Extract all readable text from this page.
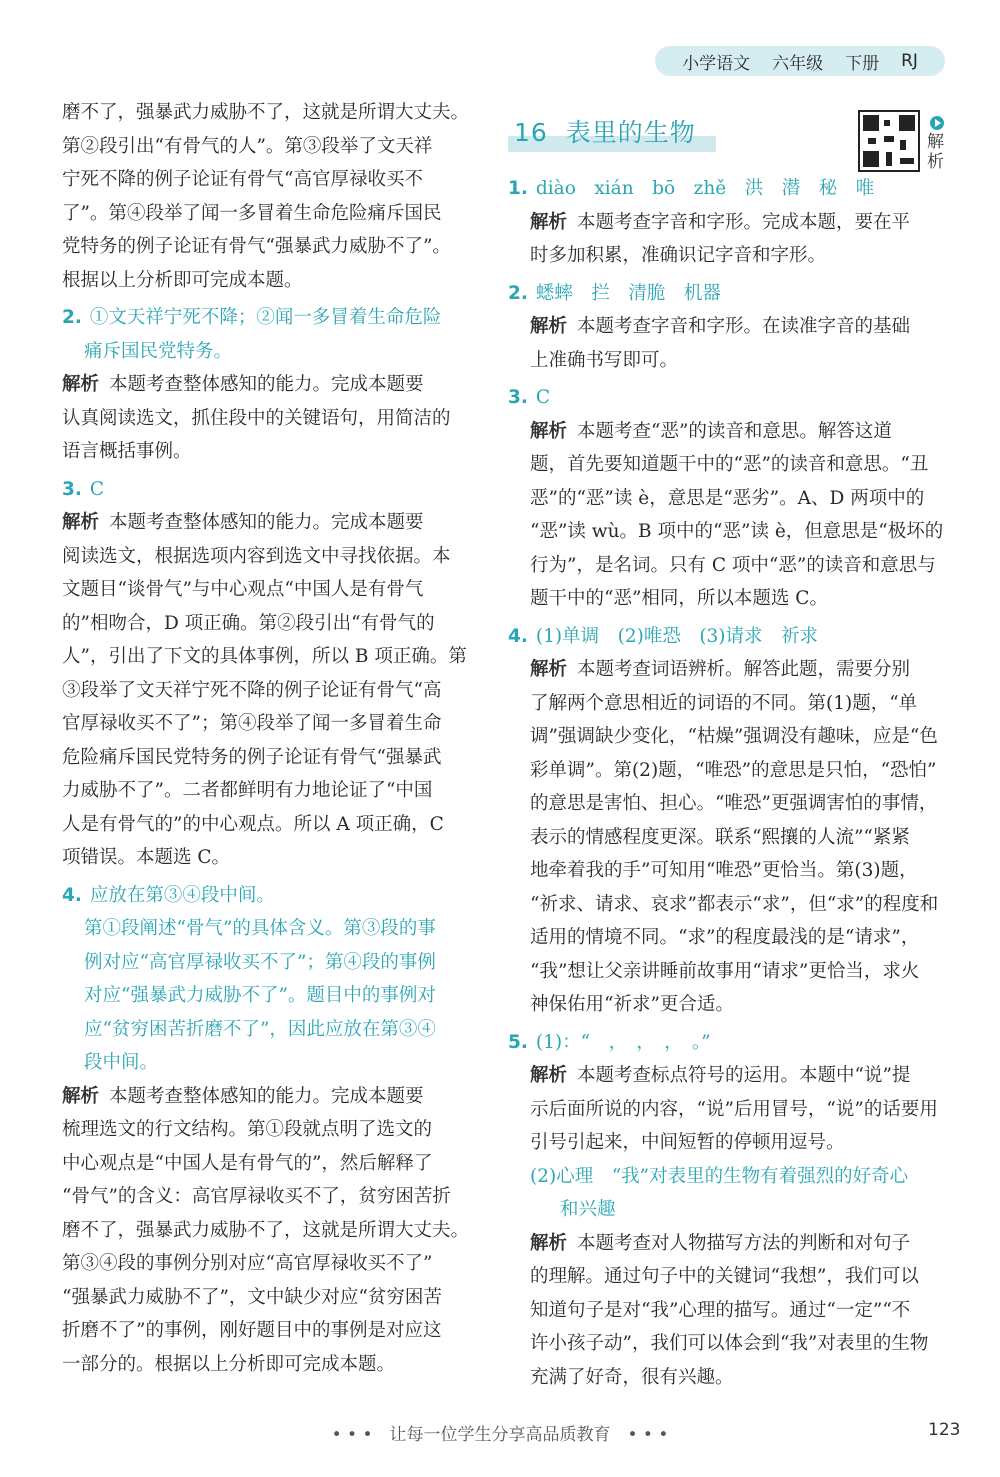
小学语文 六年级 下册 RJ
磨不了，强暴武力威胁不了，这就是所谓大丈夫。
第②段引出“有骨气的人”。第③段举了文天祥
宁死不降的例子论证有骨气“高官厚禄收买不
了”。第④段举了闻一多冒着生命危险痛斥国民
党特务的例子论证有骨气“强暴武力威胁不了”。
根据以上分析即可完成本题。
2. ①文天祥宁死不降；②闻一多冒着生命危险
痛斥国民党特务。
解析 本题考查整体感知的能力。完成本题要
认真阅读选文，抓住段中的关键语句，用简洁的
语言概括事例。
3. C
解析 本题考查整体感知的能力。完成本题要
阅读选文，根据选项内容到选文中寻找依据。本
文题目“谈骨气”与中心观点“中国人是有骨气
的”相吻合，D 项正确。第②段引出“有骨气的
人”，引出了下文的具体事例，所以 B 项正确。第
③段举了文天祥宁死不降的例子论证有骨气“高
官厚禄收买不了”；第④段举了闻一多冒着生命
危险痛斥国民党特务的例子论证有骨气“强暴武
力威胁不了”。二者都鲜明有力地论证了“中国
人是有骨气的”的中心观点。所以 A 项正确，C
项错误。本题选 C。
4. 应放在第③④段中间。
第①段阐述“骨气”的具体含义。第③段的事
例对应“高官厚禄收买不了”；第④段的事例
对应“强暴武力威胁不了”。题目中的事例对
应“贫穷困苦折磨不了”，因此应放在第③④
段中间。
解析 本题考查整体感知的能力。完成本题要
梳理选文的行文结构。第①段就点明了选文的
中心观点是“中国人是有骨气的”，然后解释了
“骨气”的含义：高官厚禄收买不了，贫穷困苦折
磨不了，强暴武力威胁不了，这就是所谓大丈夫。
第③④段的事例分别对应“高官厚禄收买不了”
“强暴武力威胁不了”，文中缺少对应“贫穷困苦
折磨不了”的事例，刚好题目中的事例是对应这
一部分的。根据以上分析即可完成本题。
16 表里的生物	解析
1. diào　xián　bō　zhě　洪　潜　秘　唯
解析 本题考查字音和字形。完成本题，要在平
时多加积累，准确识记字音和字形。
2. 蟋蟀　拦　清脆　机器
解析 本题考查字音和字形。在读准字音的基础
上准确书写即可。
3. C
解析 本题考查“恶”的读音和意思。解答这道
题，首先要知道题干中的“恶”的读音和意思。“丑
恶”的“恶”读 è，意思是“恶劣”。A、D 两项中的
“恶”读 wù。B 项中的“恶”读 è，但意思是“极坏的
行为”，是名词。只有 C 项中“恶”的读音和意思与
题干中的“恶”相同，所以本题选 C。
4. (1)单调　(2)唯恐　(3)请求　祈求
解析 本题考查词语辨析。解答此题，需要分别
了解两个意思相近的词语的不同。第(1)题，“单
调”强调缺少变化，“枯燥”强调没有趣味，应是“色
彩单调”。第(2)题，“唯恐”的意思是只怕，“恐怕”
的意思是害怕、担心。“唯恐”更强调害怕的事情，
表示的情感程度更深。联系“熙攘的人流”“紧紧
地牵着我的手”可知用“唯恐”更恰当。第(3)题，
“祈求、请求、哀求”都表示“求”，但“求”的程度和
适用的情境不同。“求”的程度最浅的是“请求”，
“我”想让父亲讲睡前故事用“请求”更恰当，求火
神保佑用“祈求”更合适。
5. (1)：“　，　，　，　。”
解析 本题考查标点符号的运用。本题中“说”提
示后面所说的内容，“说”后用冒号，“说”的话要用
引号引起来，中间短暂的停顿用逗号。
(2)心理　“我”对表里的生物有着强烈的好奇心
和兴趣
解析 本题考查对人物描写方法的判断和对句子
的理解。通过句子中的关键词“我想”，我们可以
知道句子是对“我”心理的描写。通过“一定”“不
许小孩子动”，我们可以体会到“我”对表里的生物
充满了好奇，很有兴趣。
• • •　让每一位学生分享高品质教育　• • •	123
